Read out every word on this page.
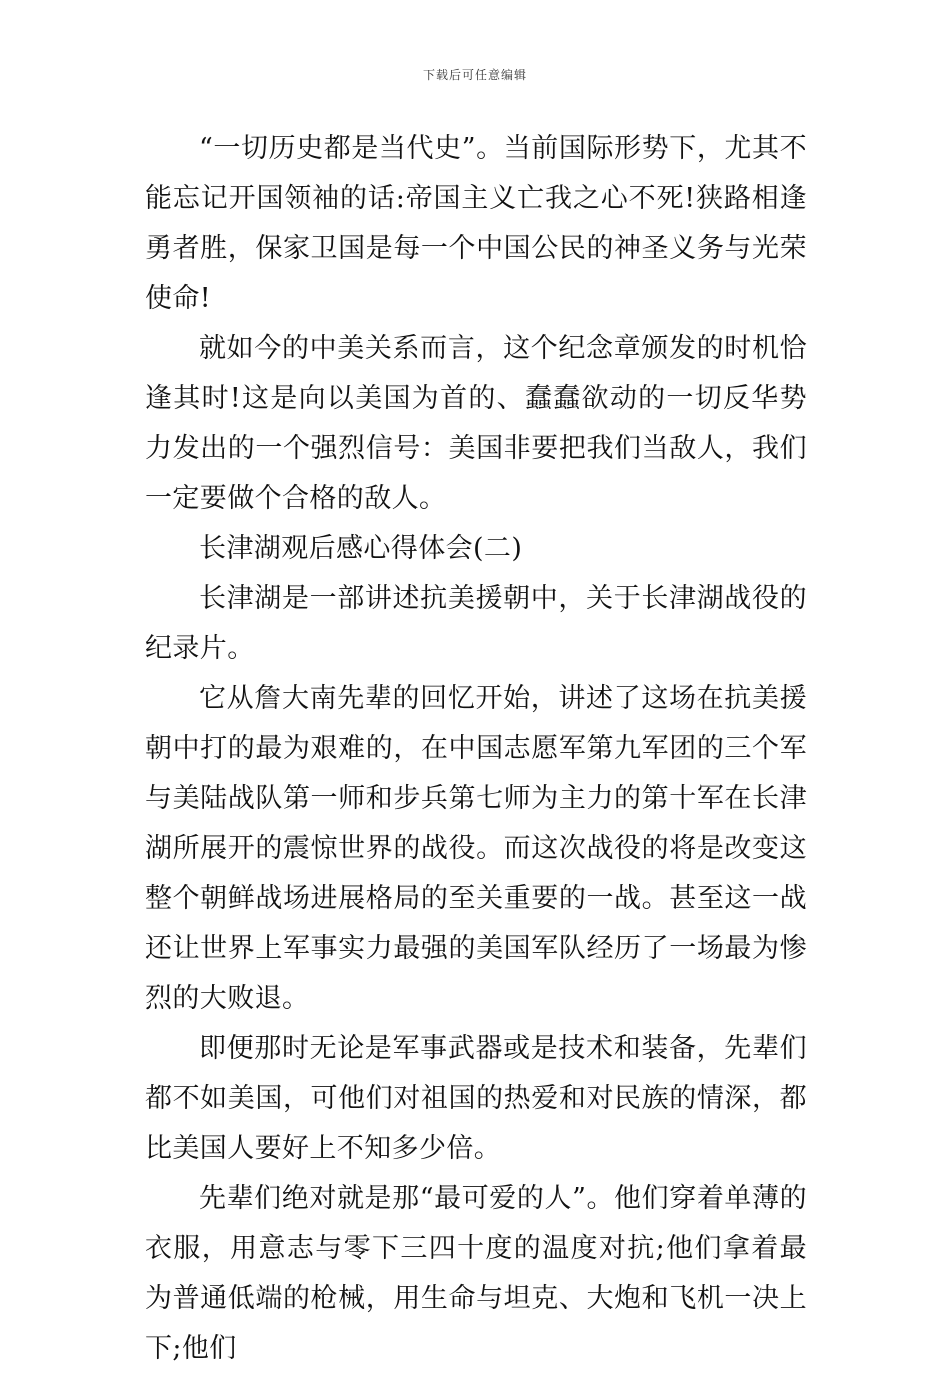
下载后可任意编辑

“一切历史都是当代史”。当前国际形势下，尤其不能忘记开国领袖的话:帝国主义亡我之心不死!狭路相逢勇者胜，保家卫国是每一个中国公民的神圣义务与光荣使命!

就如今的中美关系而言，这个纪念章颁发的时机恰逢其时!这是向以美国为首的、蠢蠢欲动的一切反华势力发出的一个强烈信号：美国非要把我们当敌人，我们一定要做个合格的敌人。

长津湖观后感心得体会(二)

长津湖是一部讲述抗美援朝中，关于长津湖战役的纪录片。

它从詹大南先辈的回忆开始，讲述了这场在抗美援朝中打的最为艰难的，在中国志愿军第九军团的三个军与美陆战队第一师和步兵第七师为主力的第十军在长津湖所展开的震惊世界的战役。而这次战役的将是改变这整个朝鲜战场进展格局的至关重要的一战。甚至这一战还让世界上军事实力最强的美国军队经历了一场最为惨烈的大败退。

即便那时无论是军事武器或是技术和装备，先辈们都不如美国，可他们对祖国的热爱和对民族的情深，都比美国人要好上不知多少倍。

先辈们绝对就是那“最可爱的人”。他们穿着单薄的衣服，用意志与零下三四十度的温度对抗;他们拿着最为普通低端的枪械，用生命与坦克、大炮和飞机一决上下;他们
